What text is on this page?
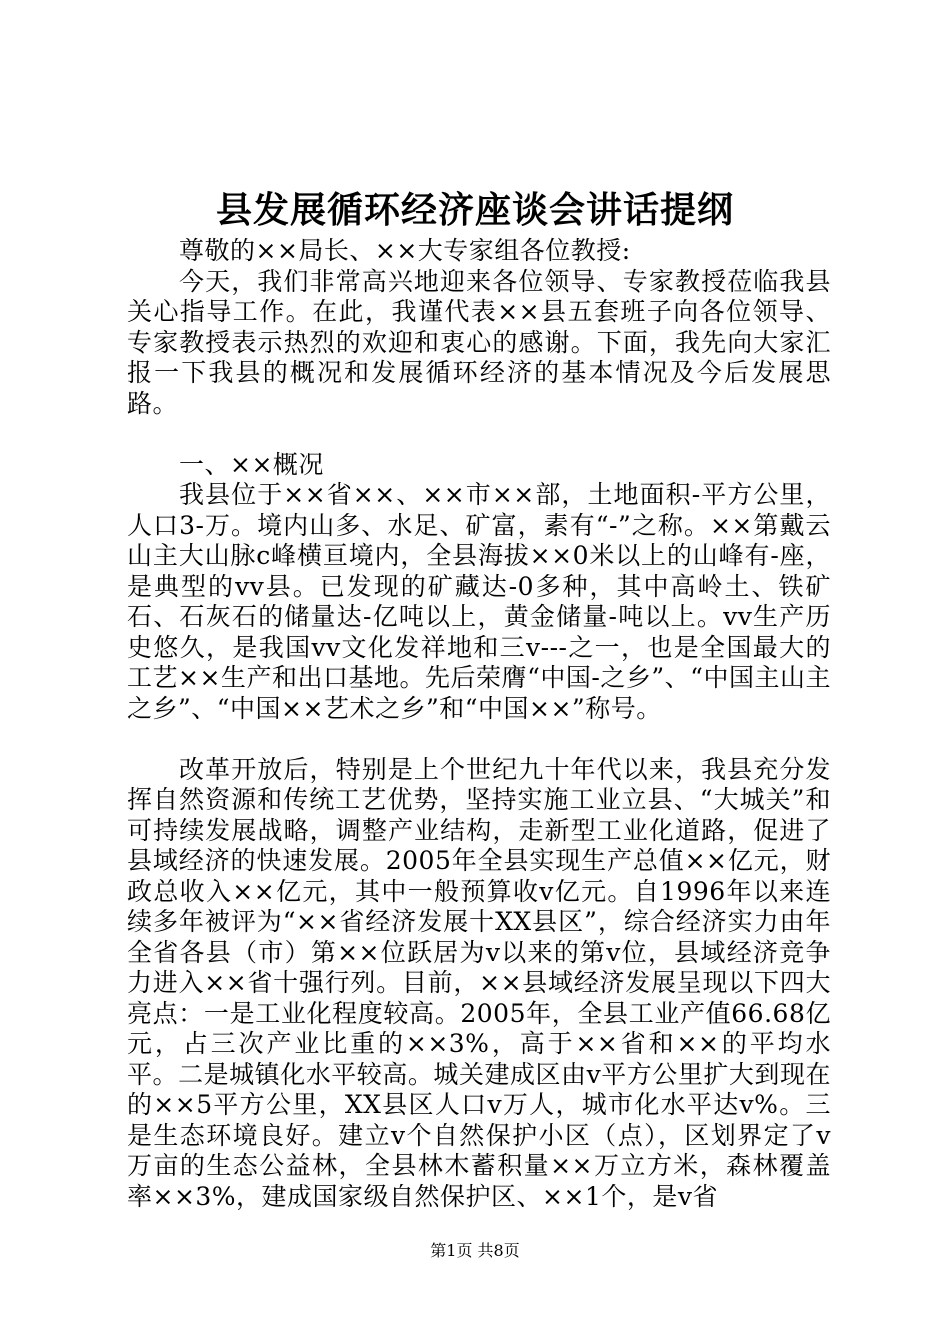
县发展循环经济座谈会讲话提纲

尊敬的××局长、××大专家组各位教授:

今天，我们非常高兴地迎来各位领导、专家教授莅临我县关心指导工作。在此，我谨代表××县五套班子向各位领导、专家教授表示热烈的欢迎和衷心的感谢。下面，我先向大家汇报一下我县的概况和发展循环经济的基本情况及今后发展思路。

一、××概况

我县位于××省××、××市××部，土地面积-平方公里，人口3-万。境内山多、水足、矿富，素有“-”之称。××第戴云山主大山脉c峰横亘境内，全县海拔××0米以上的山峰有-座，是典型的vv县。已发现的矿藏达-0多种，其中高岭土、铁矿石、石灰石的储量达-亿吨以上，黄金储量-吨以上。vv生产历史悠久，是我国vv文化发祥地和三v---之一，也是全国最大的工艺××生产和出口基地。先后荣膺“中国-之乡”、“中国主山主之乡”、“中国××艺术之乡”和“中国××”称号。

改革开放后，特别是上个世纪九十年代以来，我县充分发挥自然资源和传统工艺优势，坚持实施工业立县、“大城关”和可持续发展战略，调整产业结构，走新型工业化道路，促进了县域经济的快速发展。2005年全县实现生产总值××亿元，财政总收入××亿元，其中一般预算收v亿元。自1996年以来连续多年被评为“××省经济发展十XX县区”，综合经济实力由年全省各县（市）第××位跃居为v以来的第v位，县域经济竞争力进入××省十强行列。目前，××县域经济发展呈现以下四大亮点：一是工业化程度较高。2005年，全县工业产值66.68亿元，占三次产业比重的××3%，高于××省和××的平均水平。二是城镇化水平较高。城关建成区由v平方公里扩大到现在的××5平方公里，XX县区人口v万人，城市化水平达v%。三是生态环境良好。建立v个自然保护小区（点），区划界定了v万亩的生态公益林，全县林木蓄积量××万立方米，森林覆盖率××3%，建成国家级自然保护区、××1个，是v省

第1页 共8页
